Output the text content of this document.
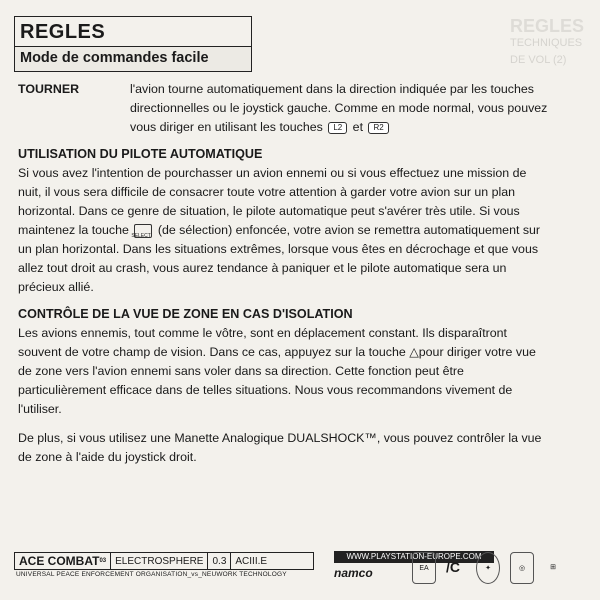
REGLES
TECHNIQUES DE VOL (2)
REGLES
Mode de commandes facile
TOURNER	l'avion tourne automatiquement dans la direction indiquée par les touches directionnelles ou le joystick gauche. Comme en mode normal, vous pouvez vous diriger en utilisant les touches L2 et R2
UTILISATION DU PILOTE AUTOMATIQUE

Si vous avez l'intention de pourchasser un avion ennemi ou si vous effectuez une mission de nuit, il vous sera difficile de consacrer toute votre attention à garder votre avion sur un plan horizontal. Dans ce genre de situation, le pilote automatique peut s'avérer très utile. Si vous maintenez la touche SELECT (de sélection) enfoncée, votre avion se remettra automatiquement sur un plan horizontal. Dans les situations extrêmes, lorsque vous êtes en décrochage et que vous allez tout droit au crash, vous aurez tendance à paniquer et le pilote automatique sera un précieux allié.

CONTRÔLE DE LA VUE DE ZONE EN CAS D'ISOLATION

Les avions ennemis, tout comme le vôtre, sont en déplacement constant. Ils disparaîtront souvent de votre champ de vision. Dans ce cas, appuyez sur la touche △pour diriger votre vue de zone vers l'avion ennemi sans voler dans sa direction. Cette fonction peut être particulièrement efficace dans de telles situations. Nous vous recommandons vivement de l'utiliser.

De plus, si vous utilisez une Manette Analogique DUALSHOCK™, vous pouvez contrôler la vue de zone à l'aide du joystick droit.

ACE COMBAT 03 ELECTROSPHERE 0.3 ACIII.E
UNIVERSAL PEACE ENFORCEMENT ORGANISATION_vs_NEUWORK TECHNOLOGY
WWW.PLAYSTATION-EUROPE.COM
namco	EA	/C	✦	◎	⊞
